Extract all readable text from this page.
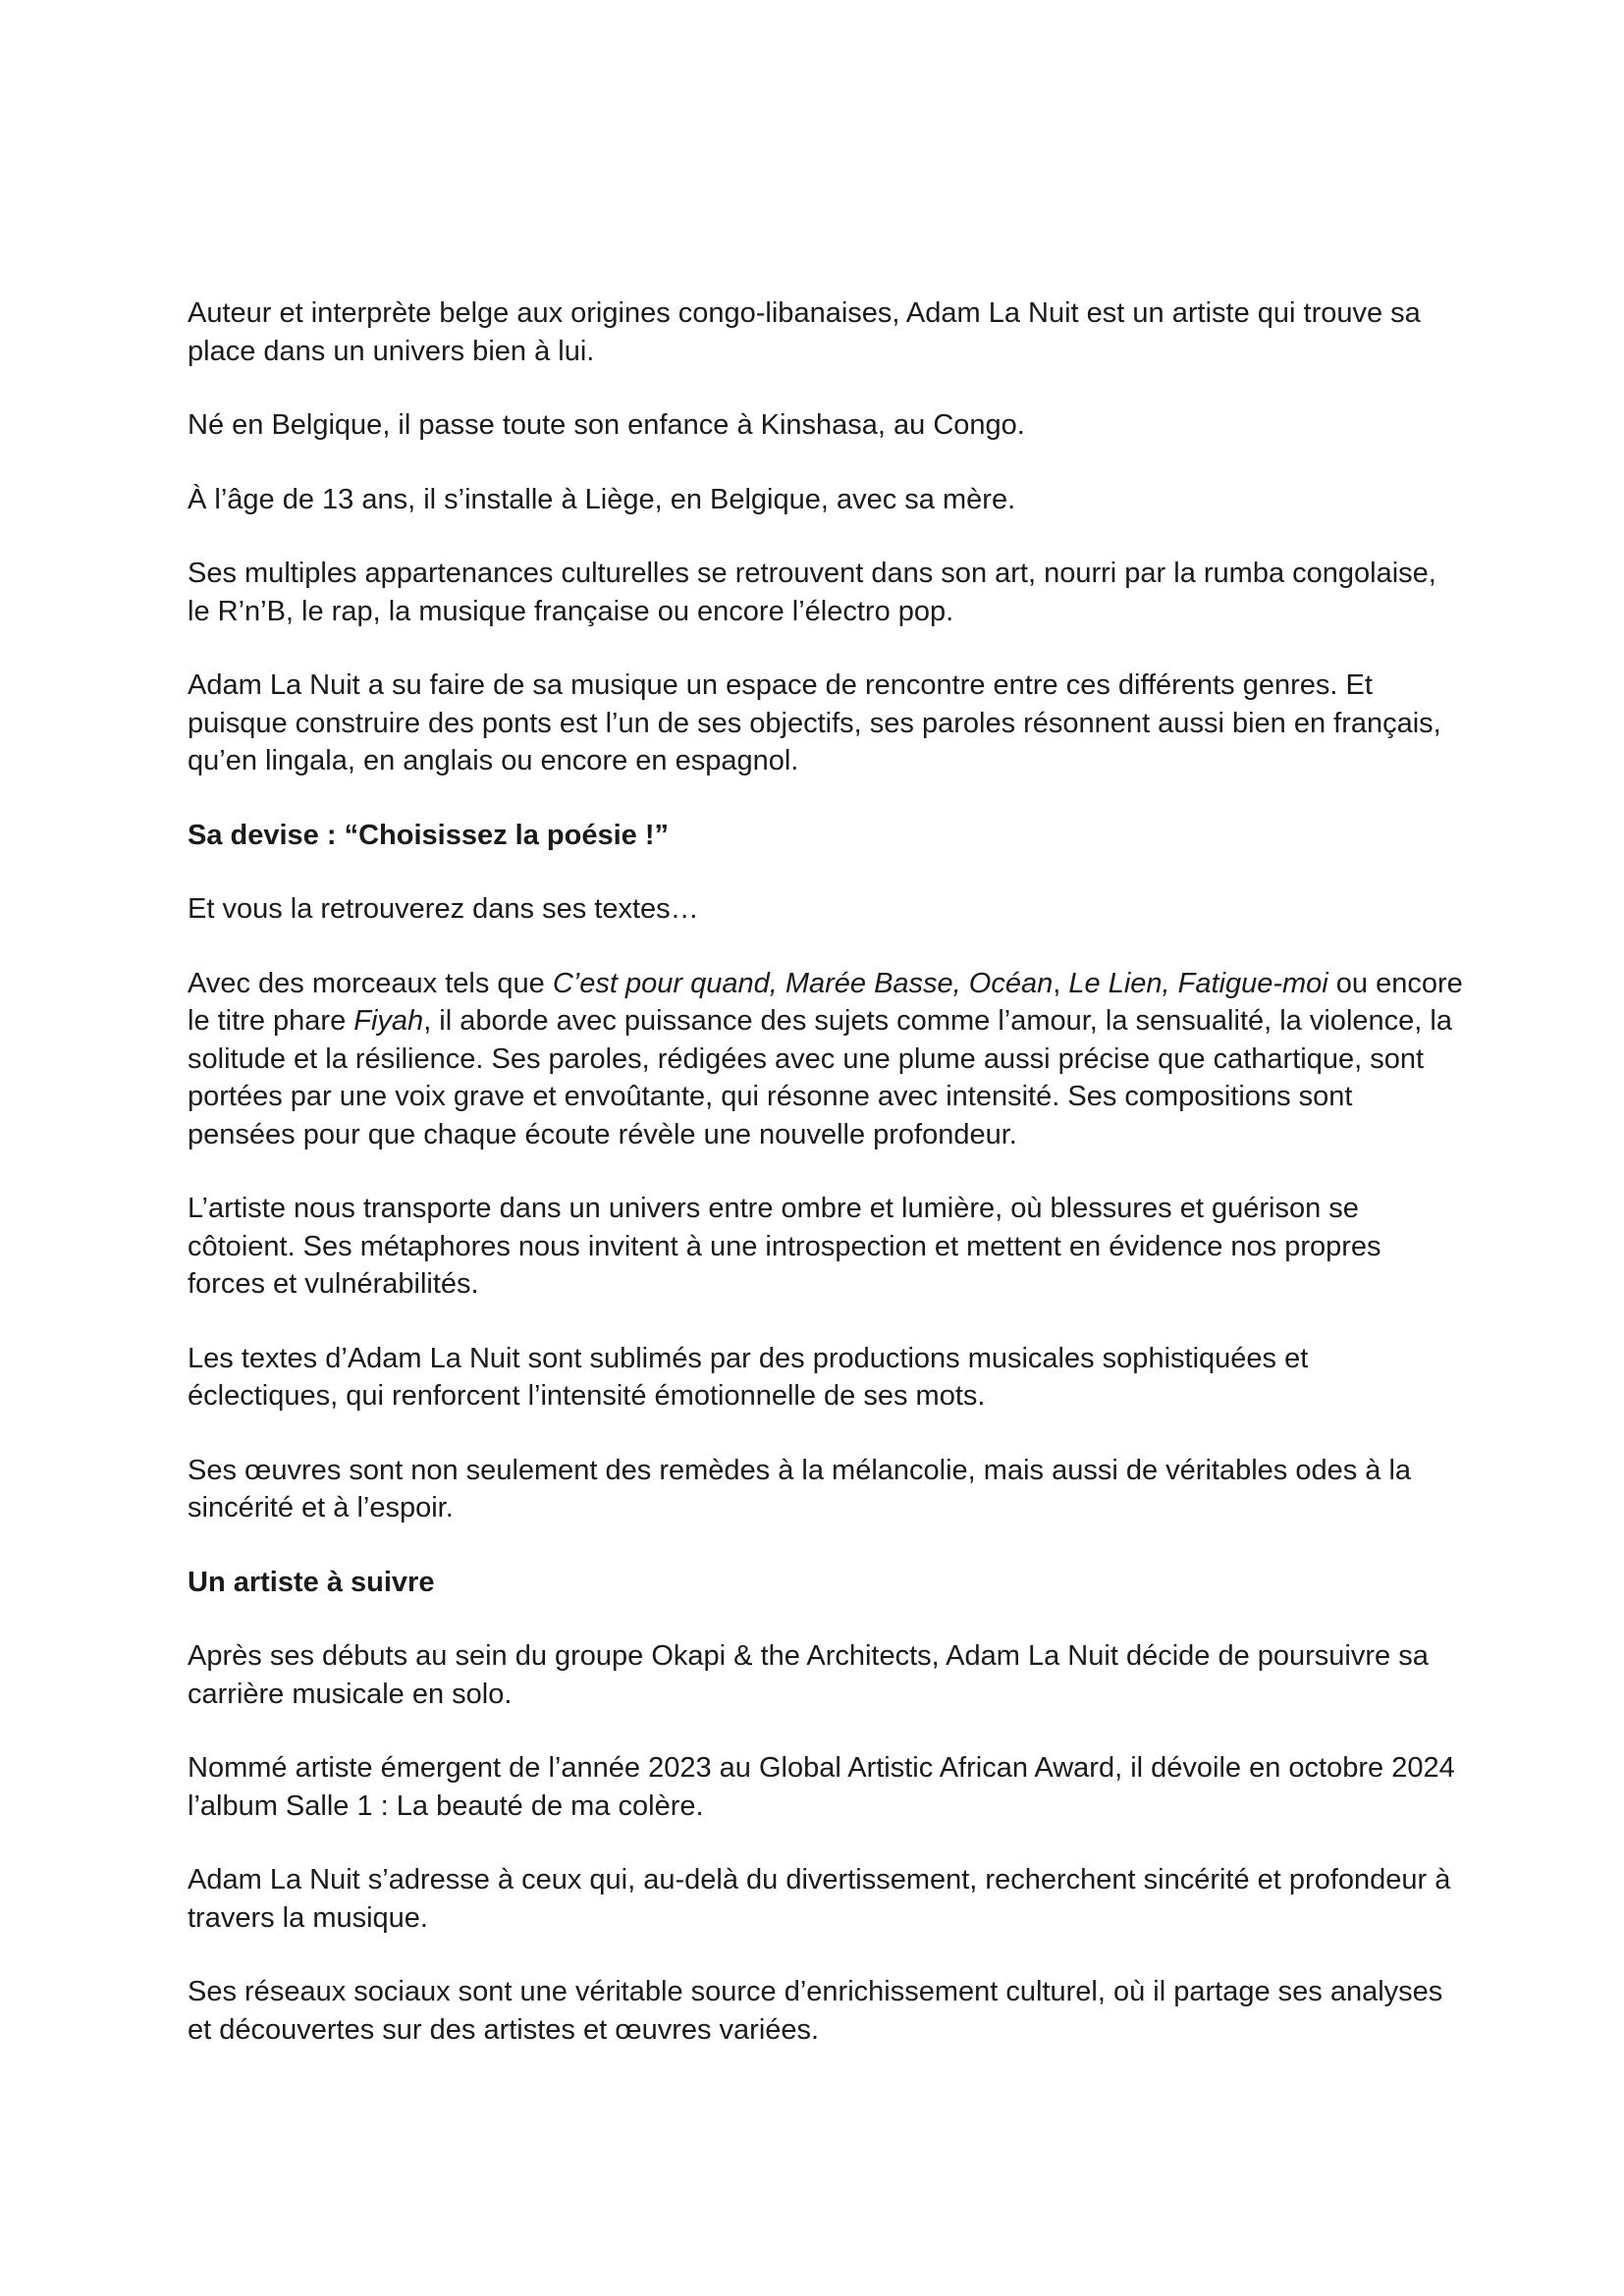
Auteur et interprète belge aux origines congo-libanaises, Adam La Nuit est un artiste qui trouve sa place dans un univers bien à lui.

Né en Belgique, il passe toute son enfance à Kinshasa, au Congo.

À l’âge de 13 ans, il s’installe à Liège, en Belgique, avec sa mère.

Ses multiples appartenances culturelles se retrouvent dans son art, nourri par la rumba congolaise, le R’n’B, le rap, la musique française ou encore l’électro pop.

Adam La Nuit a su faire de sa musique un espace de rencontre entre ces différents genres. Et puisque construire des ponts est l’un de ses objectifs, ses paroles résonnent aussi bien en français, qu’en lingala, en anglais ou encore en espagnol.

Sa devise : “Choisissez la poésie !”

Et vous la retrouverez dans ses textes…

Avec des morceaux tels que C’est pour quand, Marée Basse, Océan, Le Lien, Fatigue-moi ou encore le titre phare Fiyah, il aborde avec puissance des sujets comme l’amour, la sensualité, la violence, la solitude et la résilience. Ses paroles, rédigées avec une plume aussi précise que cathartique, sont portées par une voix grave et envoûtante, qui résonne avec intensité. Ses compositions sont pensées pour que chaque écoute révèle une nouvelle profondeur.

L’artiste nous transporte dans un univers entre ombre et lumière, où blessures et guérison se côtoient. Ses métaphores nous invitent à une introspection et mettent en évidence nos propres forces et vulnérabilités.

Les textes d’Adam La Nuit sont sublimés par des productions musicales sophistiquées et éclectiques, qui renforcent l’intensité émotionnelle de ses mots.

Ses œuvres sont non seulement des remèdes à la mélancolie, mais aussi de véritables odes à la sincérité et à l’espoir.

Un artiste à suivre

Après ses débuts au sein du groupe Okapi & the Architects, Adam La Nuit décide de poursuivre sa carrière musicale en solo.

Nommé artiste émergent de l’année 2023 au Global Artistic African Award, il dévoile en octobre 2024 l’album Salle 1 : La beauté de ma colère.

Adam La Nuit s’adresse à ceux qui, au-delà du divertissement, recherchent sincérité et profondeur à travers la musique.

Ses réseaux sociaux sont une véritable source d’enrichissement culturel, où il partage ses analyses et découvertes sur des artistes et œuvres variées.
